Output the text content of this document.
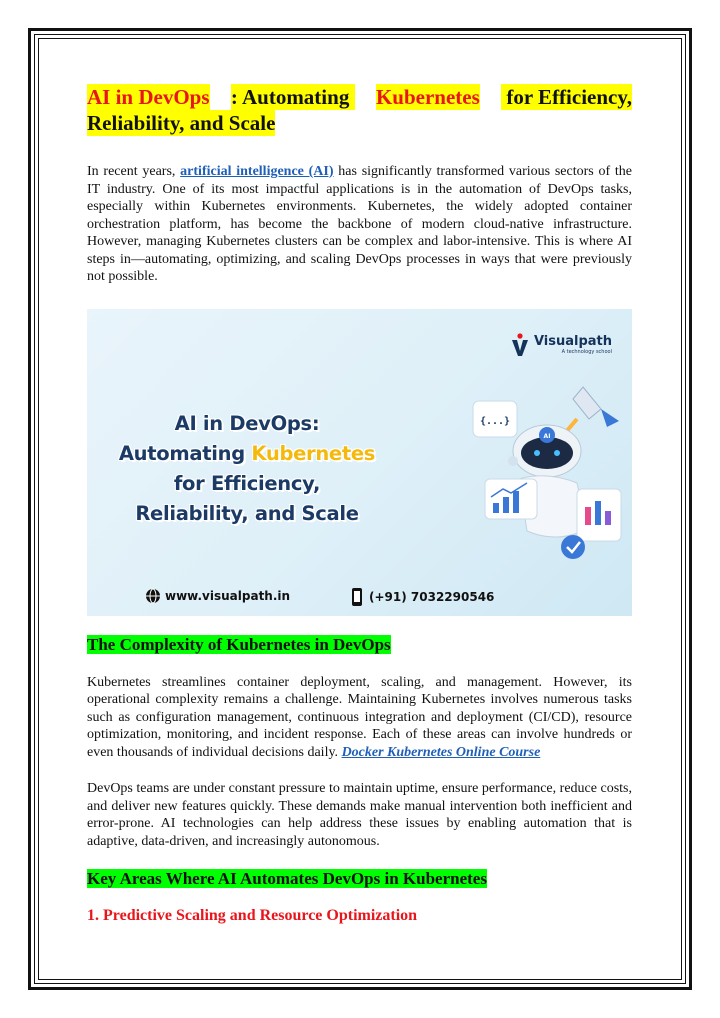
AI in DevOps : Automating Kubernetes for Efficiency,
Reliability, and Scale

In recent years, artificial intelligence (AI) has significantly transformed various sectors of the IT industry. One of its most impactful applications is in the automation of DevOps tasks, especially within Kubernetes environments. Kubernetes, the widely adopted container orchestration platform, has become the backbone of modern cloud-native infrastructure. However, managing Kubernetes clusters can be complex and labor-intensive. This is where AI steps in—automating, optimizing, and scaling DevOps processes in ways that were previously not possible.

Visualpath
A technology school
AI in DevOps:
Automating Kubernetes
for Efficiency,
Reliability, and Scale
{...}
AI
www.visualpath.in	(+91) 7032290546
The Complexity of Kubernetes in DevOps

Kubernetes streamlines container deployment, scaling, and management. However, its operational complexity remains a challenge. Maintaining Kubernetes involves numerous tasks such as configuration management, continuous integration and deployment (CI/CD), resource optimization, monitoring, and incident response. Each of these areas can involve hundreds or even thousands of individual decisions daily. Docker Kubernetes Online Course

DevOps teams are under constant pressure to maintain uptime, ensure performance, reduce costs, and deliver new features quickly. These demands make manual intervention both inefficient and error-prone. AI technologies can help address these issues by enabling automation that is adaptive, data-driven, and increasingly autonomous.

Key Areas Where AI Automates DevOps in Kubernetes
1. Predictive Scaling and Resource Optimization
